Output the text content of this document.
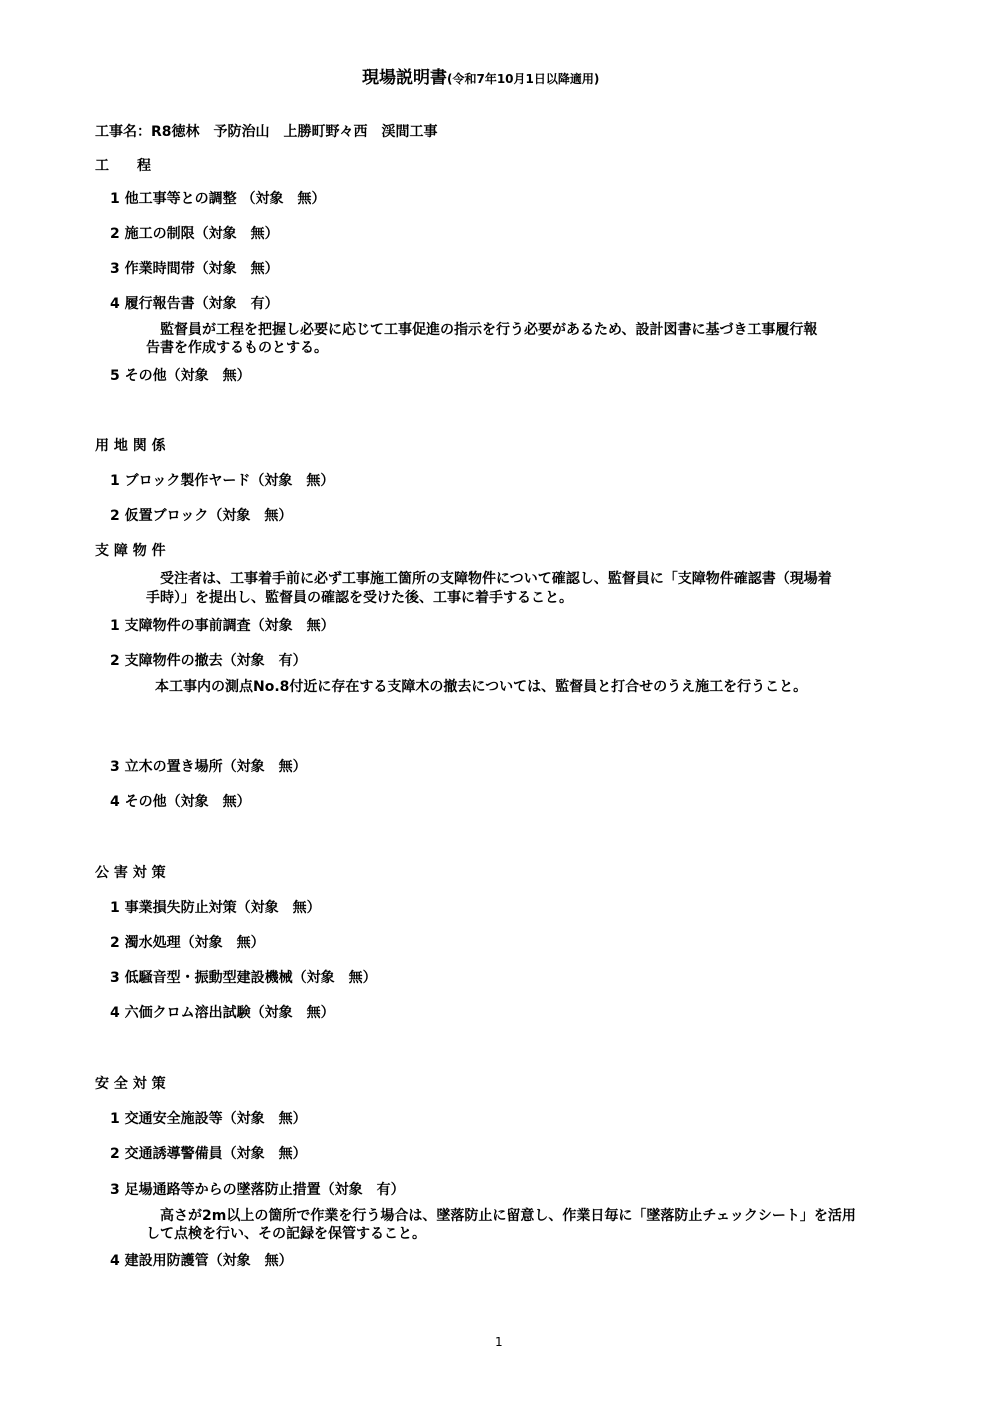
現場説明書(令和7年10月1日以降適用)
工事名：R8徳林　予防治山　上勝町野々西　渓間工事
工　　程
1 他工事等との調整 （対象　無）
2 施工の制限（対象　無）
3 作業時間帯（対象　無）
4 履行報告書（対象　有）
監督員が工程を把握し必要に応じて工事促進の指示を行う必要があるため、設計図書に基づき工事履行報
告書を作成するものとする。
5 その他（対象　無）
用 地 関 係
1 ブロック製作ヤード（対象　無）
2 仮置ブロック（対象　無）
支 障 物 件
受注者は、工事着手前に必ず工事施工箇所の支障物件について確認し、監督員に「支障物件確認書（現場着
手時）」を提出し、監督員の確認を受けた後、工事に着手すること。
1 支障物件の事前調査（対象　無）
2 支障物件の撤去（対象　有）
本工事内の測点No.8付近に存在する支障木の撤去については、監督員と打合せのうえ施工を行うこと。
3 立木の置き場所（対象　無）
4 その他（対象　無）
公 害 対 策
1 事業損失防止対策（対象　無）
2 濁水処理（対象　無）
3 低騒音型・振動型建設機械（対象　無）
4 六価クロム溶出試験（対象　無）
安 全 対 策
1 交通安全施設等（対象　無）
2 交通誘導警備員（対象　無）
3 足場通路等からの墜落防止措置（対象　有）
高さが2m以上の箇所で作業を行う場合は、墜落防止に留意し、作業日毎に「墜落防止チェックシート」を活用
して点検を行い、その記録を保管すること。
4 建設用防護管（対象　無）
1
